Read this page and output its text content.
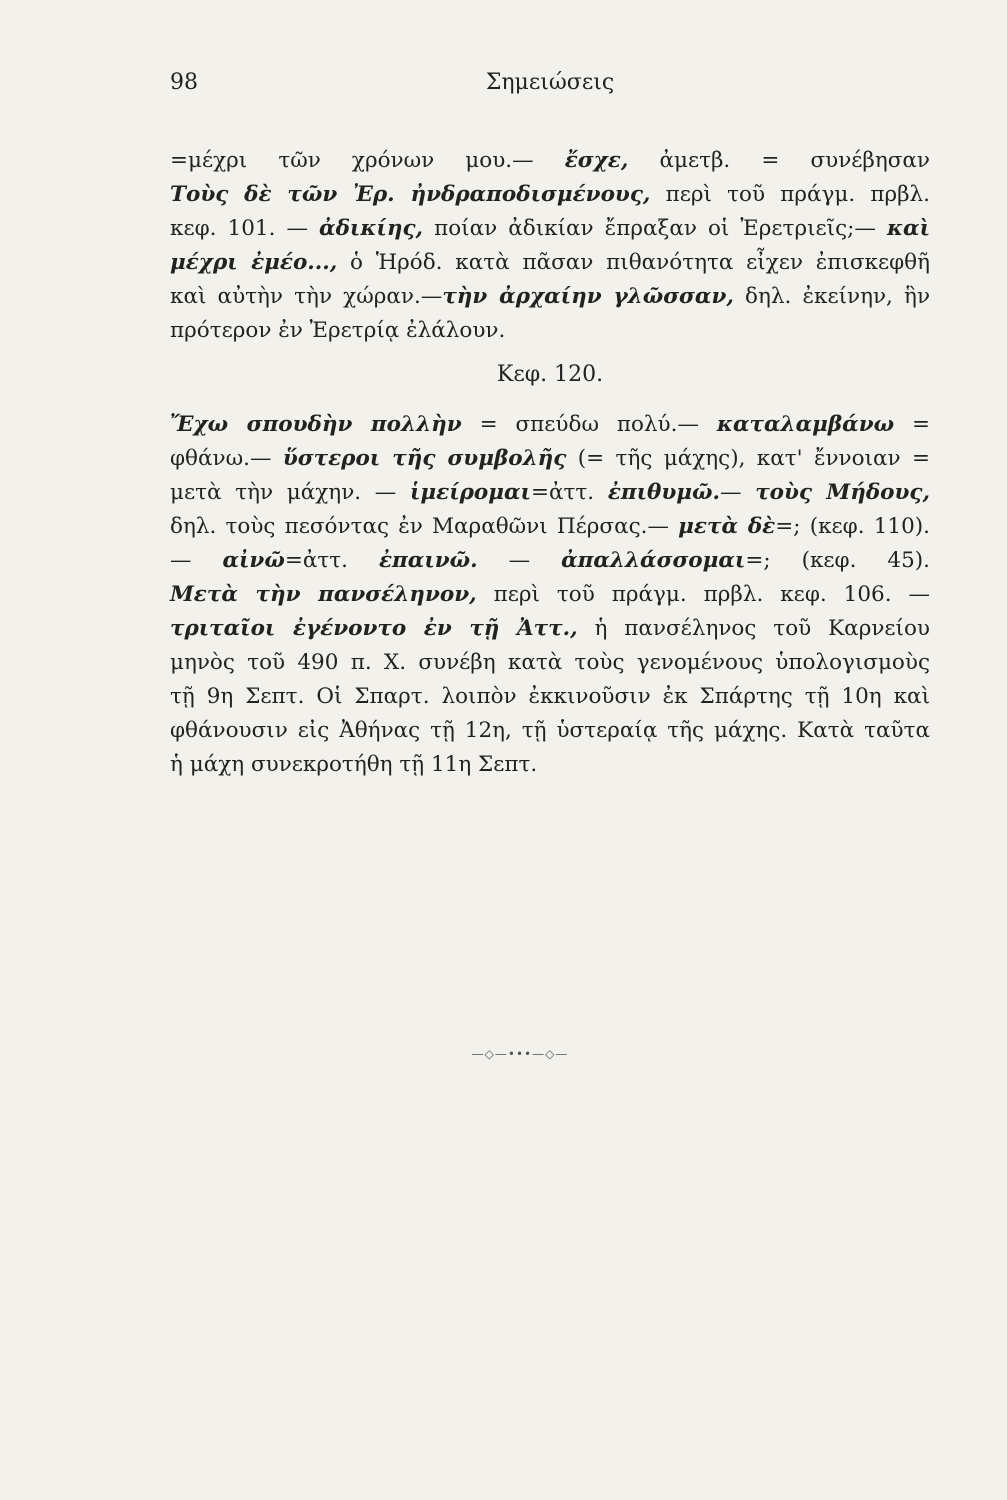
98	Σημειώσεις
=μέχρι τῶν χρόνων μου.— ἔσχε, ἀμετβ. = συνέβησαν
Τοὺς δὲ τῶν Ἐρ. ἠνδραποδισμένους, περὶ τοῦ πράγμ. πρβλ.
κεφ. 101. — ἀδικίης, ποίαν ἀδικίαν ἔπραξαν οἱ Ἐρετριεῖς;— καὶ
μέχρι ἐμέο..., ὁ Ἡρόδ. κατὰ πᾶσαν πιθανότητα εἶχεν ἐπισκεφθῆ
καὶ αὐτὴν τὴν χώραν.—τὴν ἀρχαίην γλῶσσαν, δηλ. ἐκείνην, ἣν
πρότερον ἐν Ἐρετρίᾳ ἐλάλουν.
Κεφ. 120.
Ἔχω σπουδὴν πολλὴν = σπεύδω πολύ.— καταλαμβάνω =
φθάνω.— ὕστεροι τῆς συμβολῆς (= τῆς μάχης), κατ' ἔννοιαν =
μετὰ τὴν μάχην. — ἱμείρομαι=ἀττ. ἐπιθυμῶ.— τοὺς Μήδους,
δηλ. τοὺς πεσόντας ἐν Μαραθῶνι Πέρσας.— μετὰ δὲ=; (κεφ. 110).
— αἰνῶ=ἀττ. ἐπαινῶ. — ἀπαλλάσσομαι=; (κεφ. 45).
Μετὰ τὴν πανσέληνον, περὶ τοῦ πράγμ. πρβλ. κεφ. 106. —
τριταῖοι ἐγένοντο ἐν τῇ Ἀττ., ἡ πανσέληνος τοῦ Καρνείου
μηνὸς τοῦ 490 π. Χ. συνέβη κατὰ τοὺς γενομένους ὑπολογισμοὺς
τῇ 9η Σεπτ. Οἱ Σπαρτ. λοιπὸν ἐκκινοῦσιν ἐκ Σπάρτης τῇ 10η καὶ
φθάνουσιν εἰς Ἀθήνας τῇ 12η, τῇ ὑστεραίᾳ τῆς μάχης. Κατὰ ταῦτα
ἡ μάχη συνεκροτήθη τῇ 11η Σεπτ.
—◇—•••—◇—
